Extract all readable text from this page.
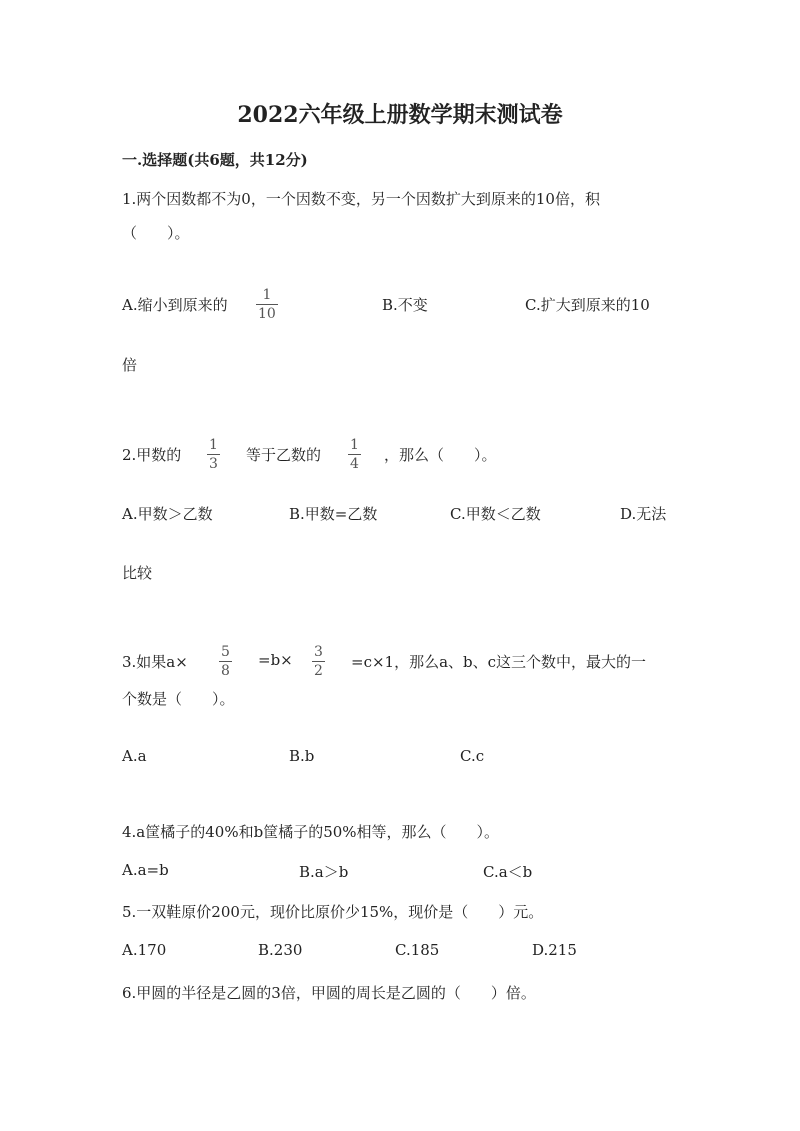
2022六年级上册数学期末测试卷
一.选择题(共6题，共12分)
1.两个因数都不为0，一个因数不变，另一个因数扩大到原来的10倍，积
（　　）。
A.缩小到原来的 $\frac{1}{10}$	B.不变	C.扩大到原来的10
倍
2.甲数的 $\frac{1}{3}$ 等于乙数的 $\frac{1}{4}$ ，那么（　　）。
A.甲数＞乙数	B.甲数=乙数	C.甲数＜乙数	D.无法
比较
3.如果$a\times \frac{5}{8} =b\times \frac{3}{2} =c\times 1$，那么a、b、c这三个数中，最大的一
个数是（　　）。
A.a	B.b	C.c
4.a筐橘子的40%和b筐橘子的50%相等，那么（　　）。
A.a=b	B.a＞b	C.a＜b
5.一双鞋原价200元，现价比原价少15%，现价是（　　）元。
A.170	B.230	C.185	D.215
6.甲圆的半径是乙圆的3倍，甲圆的周长是乙圆的（　　）倍。
